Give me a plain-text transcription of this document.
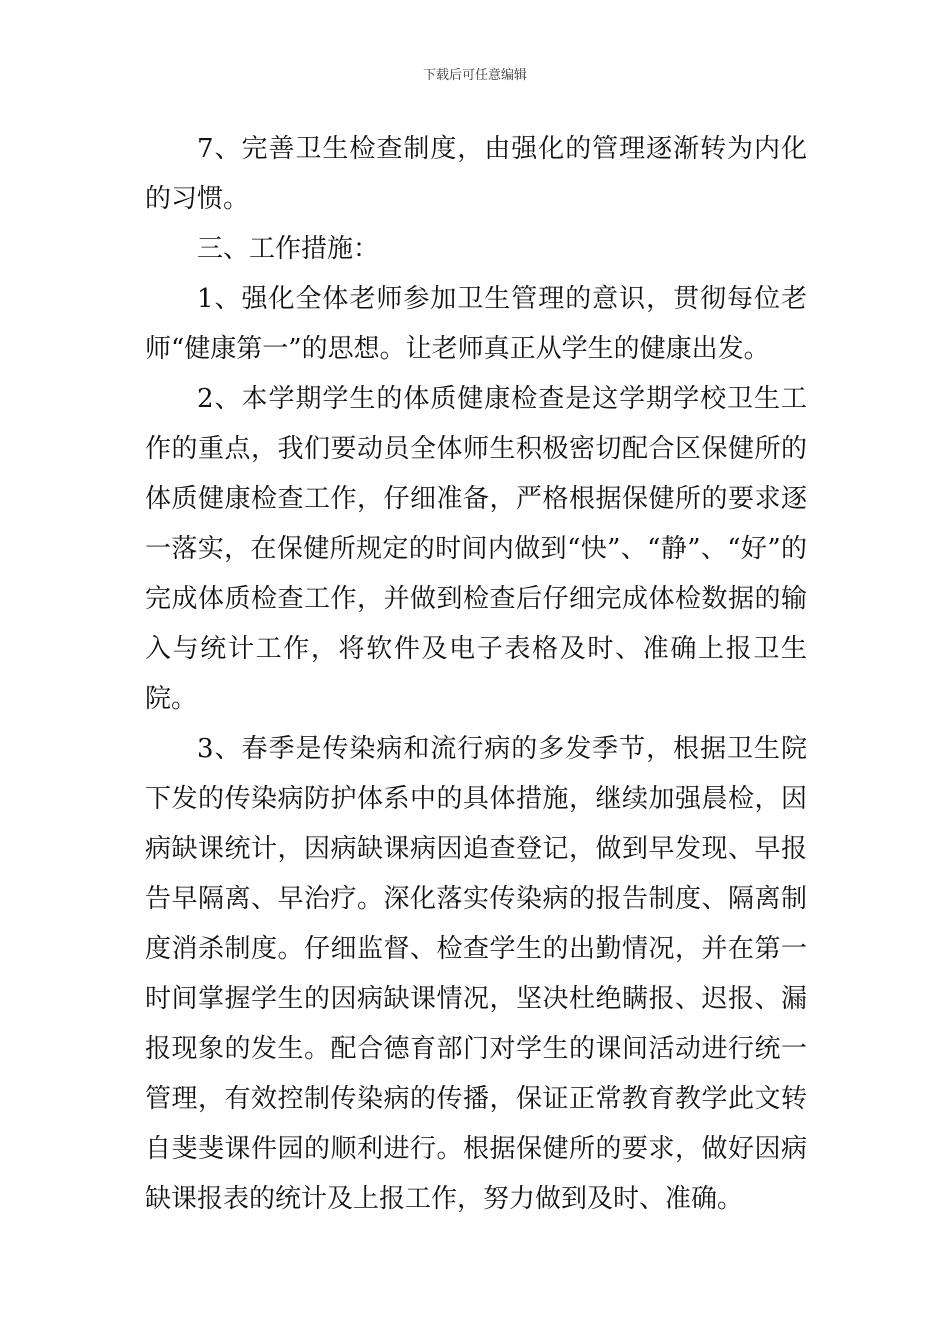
下载后可任意编辑

7、完善卫生检查制度，由强化的管理逐渐转为内化的习惯。

三、工作措施：

1、强化全体老师参加卫生管理的意识，贯彻每位老师“健康第一”的思想。让老师真正从学生的健康出发。

2、本学期学生的体质健康检查是这学期学校卫生工作的重点，我们要动员全体师生积极密切配合区保健所的体质健康检查工作，仔细准备，严格根据保健所的要求逐一落实，在保健所规定的时间内做到“快”、“静”、“好”的完成体质检查工作，并做到检查后仔细完成体检数据的输入与统计工作，将软件及电子表格及时、准确上报卫生院。

3、春季是传染病和流行病的多发季节，根据卫生院下发的传染病防护体系中的具体措施，继续加强晨检，因病缺课统计，因病缺课病因追查登记，做到早发现、早报告早隔离、早治疗。深化落实传染病的报告制度、隔离制度消杀制度。仔细监督、检查学生的出勤情况，并在第一时间掌握学生的因病缺课情况，坚决杜绝瞒报、迟报、漏报现象的发生。配合德育部门对学生的课间活动进行统一管理，有效控制传染病的传播，保证正常教育教学此文转自斐斐课件园的顺利进行。根据保健所的要求，做好因病缺课报表的统计及上报工作，努力做到及时、准确。
